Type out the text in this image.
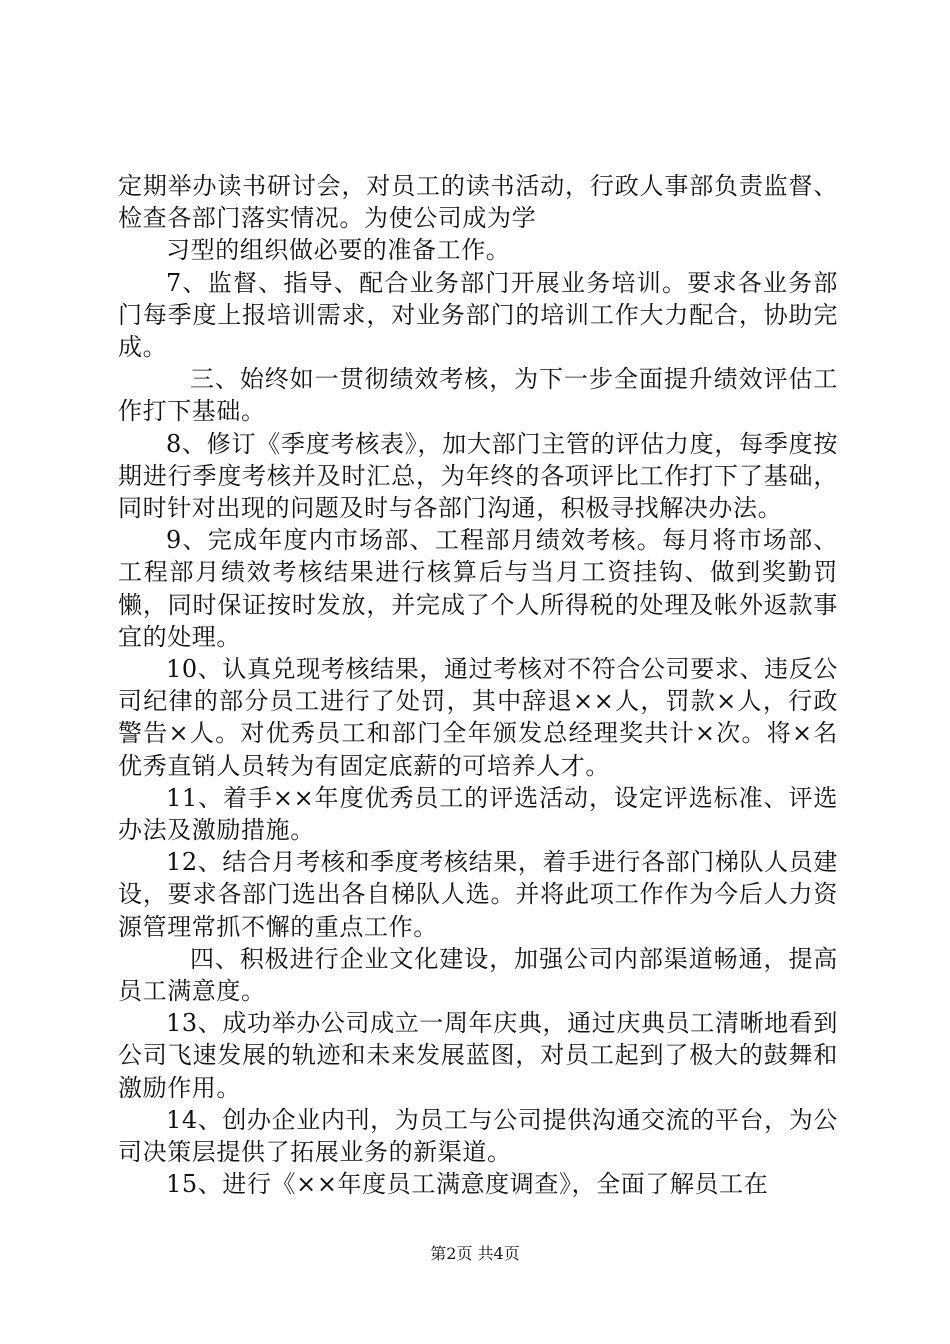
定期举办读书研讨会，对员工的读书活动，行政人事部负责监督、检查各部门落实情况。为使公司成为学

习型的组织做必要的准备工作。

7、监督、指导、配合业务部门开展业务培训。要求各业务部门每季度上报培训需求，对业务部门的培训工作大力配合，协助完成。

三、始终如一贯彻绩效考核，为下一步全面提升绩效评估工作打下基础。

8、修订《季度考核表》，加大部门主管的评估力度，每季度按期进行季度考核并及时汇总，为年终的各项评比工作打下了基础，同时针对出现的问题及时与各部门沟通，积极寻找解决办法。

9、完成年度内市场部、工程部月绩效考核。每月将市场部、工程部月绩效考核结果进行核算后与当月工资挂钩、做到奖勤罚懒，同时保证按时发放，并完成了个人所得税的处理及帐外返款事宜的处理。

10、认真兑现考核结果，通过考核对不符合公司要求、违反公司纪律的部分员工进行了处罚，其中辞退××人，罚款×人，行政警告×人。对优秀员工和部门全年颁发总经理奖共计×次。将×名优秀直销人员转为有固定底薪的可培养人才。

11、着手××年度优秀员工的评选活动，设定评选标准、评选办法及激励措施。

12、结合月考核和季度考核结果，着手进行各部门梯队人员建设，要求各部门选出各自梯队人选。并将此项工作作为今后人力资源管理常抓不懈的重点工作。

四、积极进行企业文化建设，加强公司内部渠道畅通，提高员工满意度。

13、成功举办公司成立一周年庆典，通过庆典员工清晰地看到公司飞速发展的轨迹和未来发展蓝图，对员工起到了极大的鼓舞和激励作用。

14、创办企业内刊，为员工与公司提供沟通交流的平台，为公司决策层提供了拓展业务的新渠道。

15、进行《××年度员工满意度调查》，全面了解员工在

第2页 共4页
